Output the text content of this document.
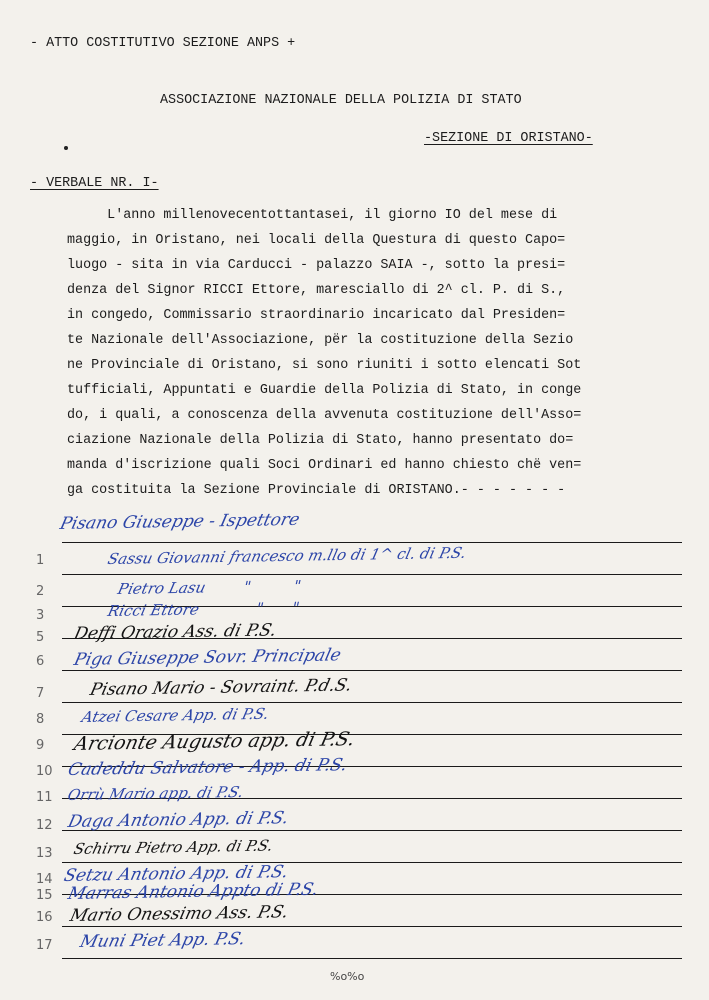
- ATTO COSTITUTIVO SEZIONE ANPS +
ASSOCIAZIONE NAZIONALE DELLA POLIZIA DI STATO
-SEZIONE DI ORISTANO-
- VERBALE NR. I-
L'anno millenovecentottantasei, il giorno IO del mese di
maggio, in Oristano, nei locali della Questura di questo Capo=
luogo - sita in via Carducci - palazzo SAIA -, sotto la presi=
denza del Signor RICCI Ettore, maresciallo di 2^ cl. P. di S.,
in congedo, Commissario straordinario incaricato dal Presiden=
te Nazionale dell'Associazione, për la costituzione della Sezio
ne Provinciale di Oristano, si sono riuniti i sotto elencati Sot
tufficiali, Appuntati e Guardie della Polizia di Stato, in conge
do, i quali, a conoscenza della avvenuta costituzione dell'Asso=
ciazione Nazionale della Polizia di Stato, hanno presentato do=
manda d'iscrizione quali Soci Ordinari ed hanno chiesto chë ven=
ga costituita la Sezione Provinciale di ORISTANO.- - - - - - -
Pisano Giuseppe - Ispettore
1	Sassu Giovanni francesco m.llo di 1^ cl. di P.S.
2	Pietro Lasu        "         "
3	Ricci Ettore            "      "
5 Deffi Orazio Ass. di P.S.
6 Piga Giuseppe Sovr. Principale
7	Pisano Mario - Sovraint. P.d.S.
8 Atzei Cesare App. di P.S.
9 Arcionte Augusto app. di P.S.
10 Cadeddu Salvatore - App. di P.S.
11 Orrù Mario app. di P.S.
12 Daga Antonio App. di P.S.
13 Schirru Pietro App. di P.S.
14 Setzu Antonio App. di P.S.
15 Marras Antonio Appto di P.S.
16 Mario Onessimo Ass. P.S.
17 Muni Piet App. P.S.
%o%o
